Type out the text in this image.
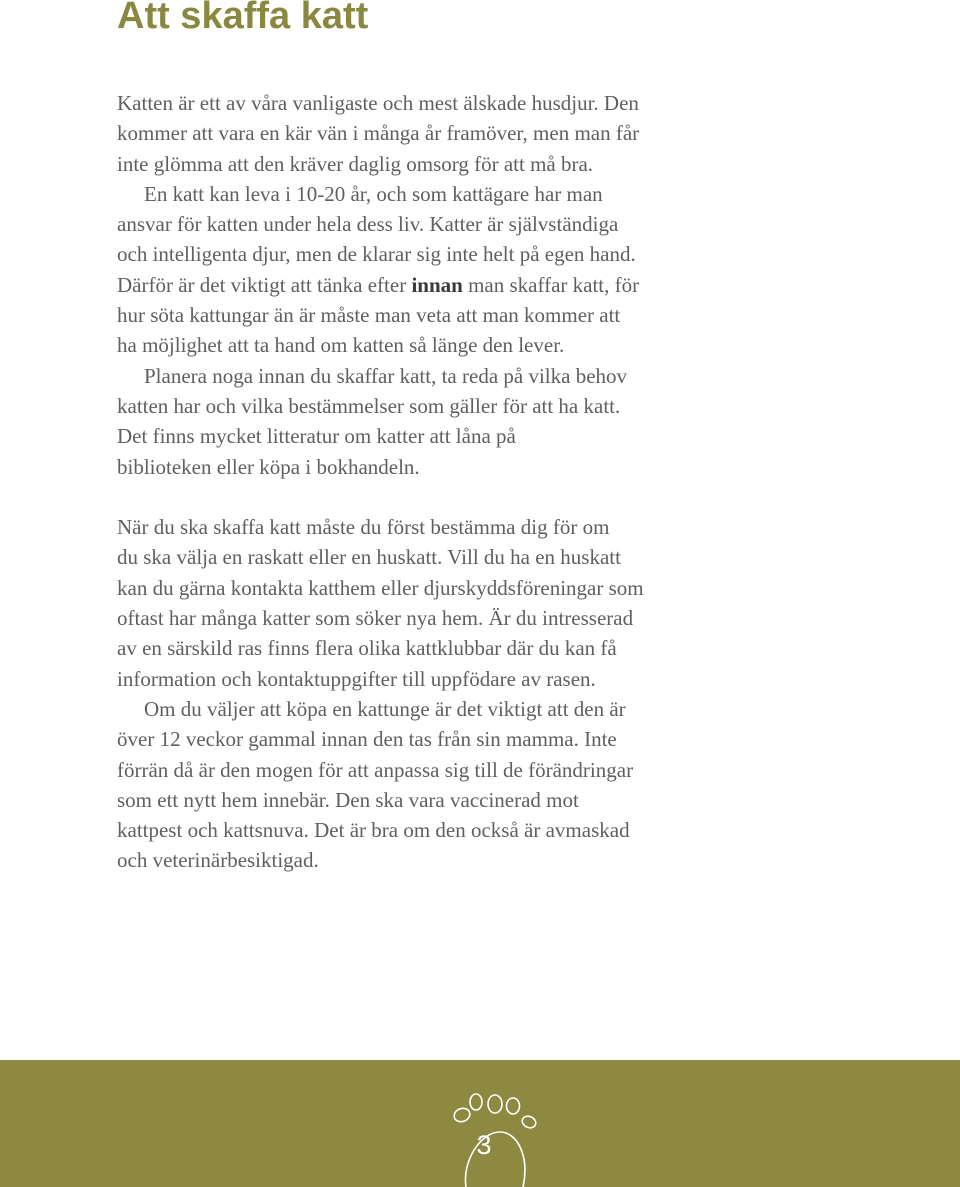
Att skaffa katt
Katten är ett av våra vanligaste och mest älskade husdjur. Den
kommer att vara en kär vän i många år framöver, men man får
inte glömma att den kräver daglig omsorg för att må bra.
En katt kan leva i 10-20 år, och som kattägare har man
ansvar för katten under hela dess liv. Katter är självständiga
och intelligenta djur, men de klarar sig inte helt på egen hand.
Därför är det viktigt att tänka efter innan man skaffar katt, för
hur söta kattungar än är måste man veta att man kommer att
ha möjlighet att ta hand om katten så länge den lever.
Planera noga innan du skaffar katt, ta reda på vilka behov
katten har och vilka bestämmelser som gäller för att ha katt.
Det finns mycket litteratur om katter att låna på
biblioteken eller köpa i bokhandeln.
När du ska skaffa katt måste du först bestämma dig för om
du ska välja en raskatt eller en huskatt. Vill du ha en huskatt
kan du gärna kontakta katthem eller djurskyddsföreningar som
oftast har många katter som söker nya hem. Är du intresserad
av en särskild ras finns flera olika kattklubbar där du kan få
information och kontaktuppgifter till uppfödare av rasen.
Om du väljer att köpa en kattunge är det viktigt att den är
över 12 veckor gammal innan den tas från sin mamma. Inte
förrän då är den mogen för att anpassa sig till de förändringar
som ett nytt hem innebär. Den ska vara vaccinerad mot
kattpest och kattsnuva. Det är bra om den också är avmaskad
och veterinärbesiktigad.
3
